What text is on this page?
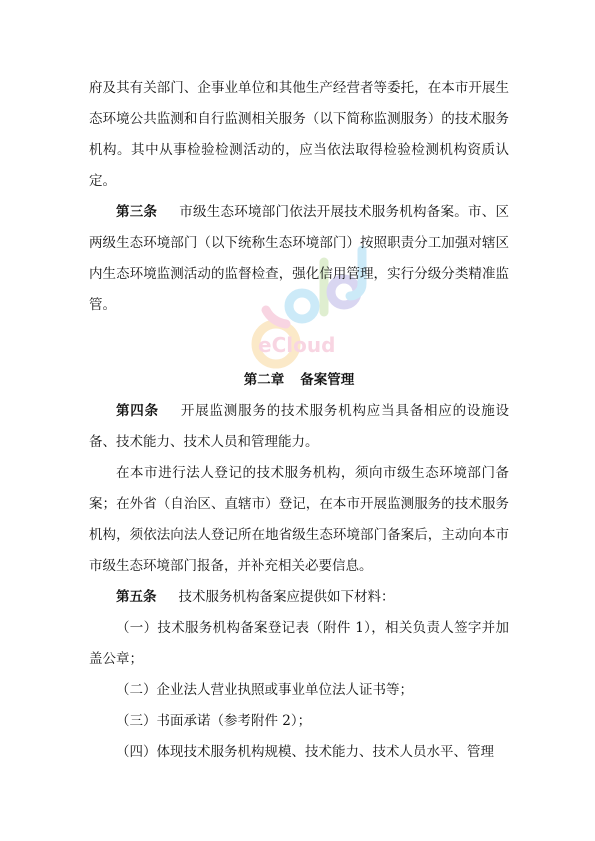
eCloud

府及其有关部门、企事业单位和其他生产经营者等委托，在本市开展生态环境公共监测和自行监测相关服务（以下简称监测服务）的技术服务机构。其中从事检验检测活动的，应当依法取得检验检测机构资质认定。

第三条 市级生态环境部门依法开展技术服务机构备案。市、区两级生态环境部门（以下统称生态环境部门）按照职责分工加强对辖区内生态环境监测活动的监督检查，强化信用管理，实行分级分类精准监管。

第二章 备案管理

第四条 开展监测服务的技术服务机构应当具备相应的设施设备、技术能力、技术人员和管理能力。

在本市进行法人登记的技术服务机构，须向市级生态环境部门备案；在外省（自治区、直辖市）登记，在本市开展监测服务的技术服务机构，须依法向法人登记所在地省级生态环境部门备案后，主动向本市市级生态环境部门报备，并补充相关必要信息。

第五条 技术服务机构备案应提供如下材料：

（一）技术服务机构备案登记表（附件 1），相关负责人签字并加盖公章；

（二）企业法人营业执照或事业单位法人证书等；

（三）书面承诺（参考附件 2）；

（四）体现技术服务机构规模、技术能力、技术人员水平、管理
